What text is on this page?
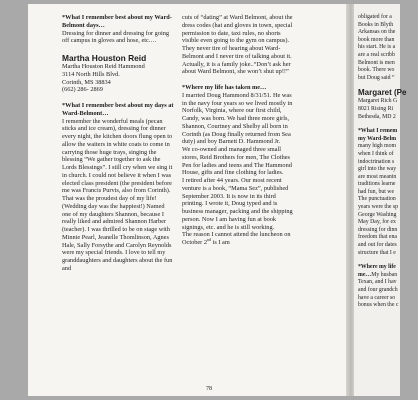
*What I remember best about my Ward-Belmont days…

Dressing for dinner and dressing for going off campus in gloves and hose, etc.…

Martha Houston Reid

Martha Houston Reid Hammond

3114 North Hills Blvd.

Corinth, MS 38834

(662) 286- 2869

*What I remember best about my days at Ward-Belmont…

I remember the wonderful meals (pecan sticks and ice cream), dressing for dinner every night, the kitchen doors flung open to allow the waiters in white coats to come in carrying those huge trays, singing the blessing “We gather together to ask the Lords Blessings”. I still cry when we sing it in church. I could not believe it when I was elected class president (the president before me was Francis Purvis, also from Corinth). That was the proudest day of my life! (Wedding day was the happiest!) Named one of my daughters Shannon, because I really liked and admired Shannon Harber (teacher). I was thrilled to be on stage with Minnie Pearl, Jeanelle Thomlinson, Agnes Hale, Sally Forsythe and Carolyn Reynolds were my special friends. I love to tell my granddaughters and daughters about the fun and

cuts of “dating” at Ward Belmont, about the dress codes (hat and gloves in town, special permission to date, taxi rules, no shorts visible even going to the gym on campus). They never tire of hearing about Ward-Belmont and I never tire of talking about it. Actually, it is a family joke..“Don’t ask her about Ward Belmont, she won’t shut up!!”

*Where my life has taken me…

I married Doug Hammond 8/31/51. He was in the navy four years so we lived mostly in Norfolk, Virginia, where our first child, Candy, was born. We had three more girls, Shannon, Courtney and Shelby all born in Corinth (as Doug finally returned from Sea duty) and boy Barnett D. Hammond Jr.

We co-owned and managed three small stores, Reid Brothers for men, The Clothes Pen for ladies and teens and The Hammond House, gifts and fine clothing for ladies.

I retired after 44 years. Our most recent venture is a book, “Mama Sez”, published September 2003. It is now in its third printing. I wrote it, Doug typed and is business manager, packing and the shipping person. Now I am having fun at book signings, etc. and he is still working.

The reason I cannot attend the luncheon on October 2nd is I am

78

obligated for a

Books in Blyth

Arkansas on the

book more than

his start. He is a

are a real scribb

Belmont is men

book. There wo

but Doug said “

Margaret (Pe

Margaret Rich G

8021 Rising Ri

Bethesda, MD 2

*What I remem

my Ward-Belm

many high mom

when I think of

indoctrination s

girl into the way

are most meanin

traditions learne

had fun, but we

The punctuation

years were the sp

George Washing

May Day, for ex

dressing for dinn

freedom that ena

and out for dates

structure that I e

*Where my life

me…My husban

Texan, and I hav

and four grandch

have a career so

bonus when the c
